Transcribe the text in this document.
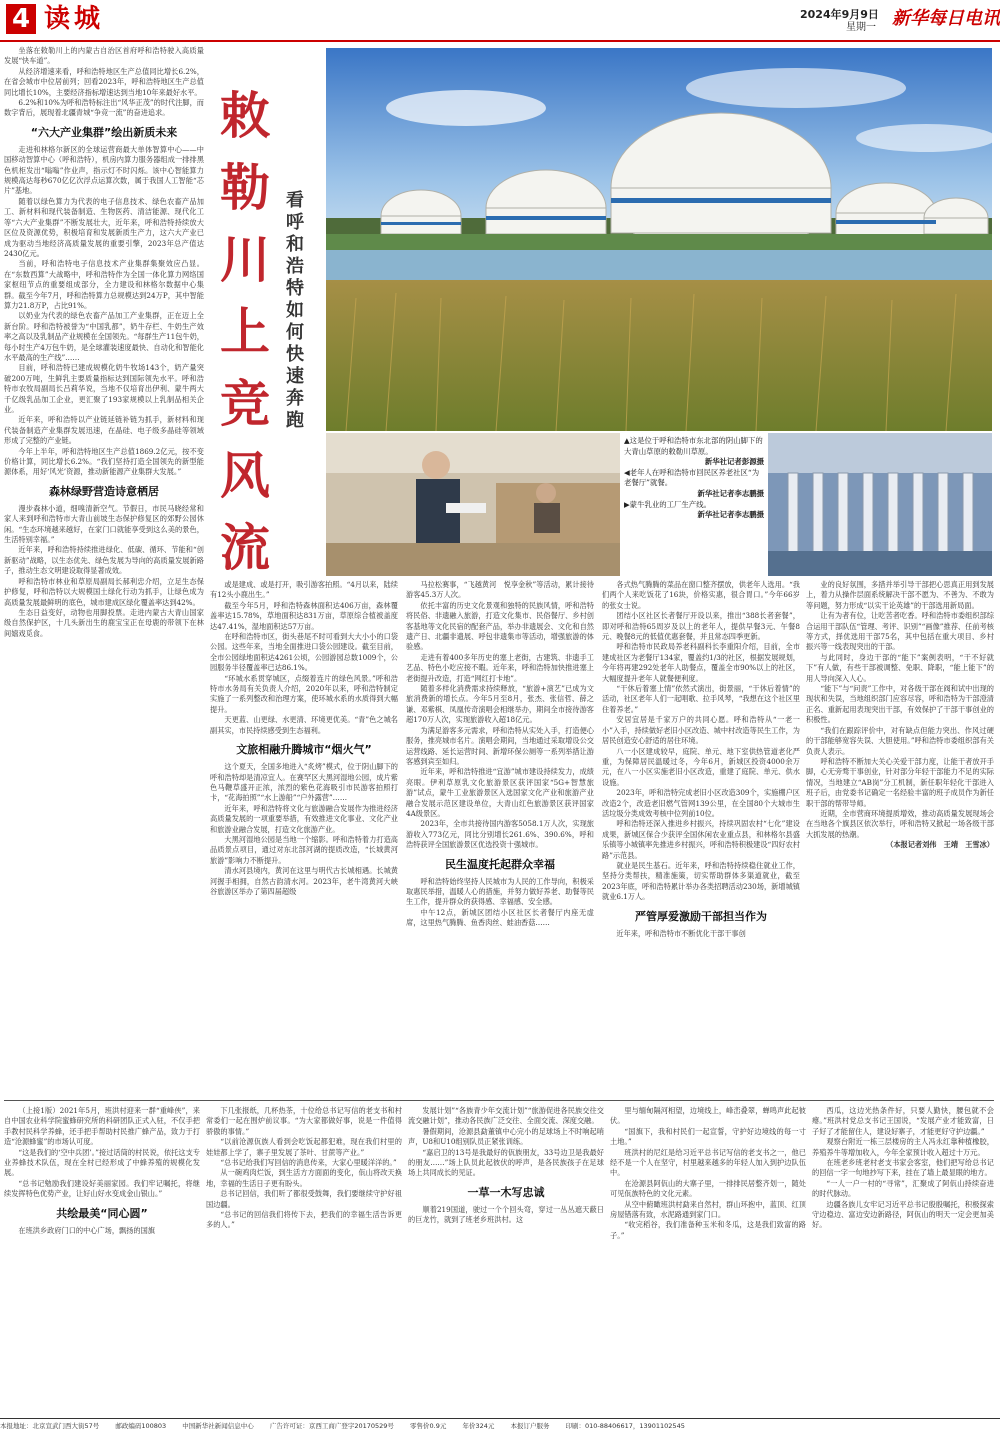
4 读城	2024年9月9日
星期一 新华每日电讯
敕勒川上竞风流
看呼和浩特如何快速奔跑
▲这是位于呼和浩特市东北部的阴山脚下的大青山草原的敕勒川草原。
新华社记者彭源摄
◀老年人在呼和浩特市回民区养老社区“为老餐厅”就餐。
新华社记者李志鹏摄
▶蒙牛乳业的工厂生产线。
新华社记者李志鹏摄

坐落在敕勒川上的内蒙古自治区首府呼和浩特驶入高质量发展“快车道”。

从经济增速来看，呼和浩特地区生产总值同比增长6.2%，在省会城市中位居前列；回看2023年，呼和浩特地区生产总值同比增长10%，主要经济指标增速达到当地10年来最好水平。

6.2%和10%为呼和浩特标注出“风华正茂”的时代注脚，而数字背后，展现着北疆青城“争竞一流”的奋进追求。

“六大产业集群”绘出新质未来

走进和林格尔新区的全球运营商最大单体智算中心——中国移动智算中心（呼和浩特），机房内算力服务器组成一排排黑色机柜发出“嗡嗡”作业声，指示灯不时闪烁。该中心智能算力规模高达每秒670亿亿次浮点运算次数，属于我国人工智能“芯片”基地。

随着以绿色算力为代表的电子信息技术、绿色农畜产品加工、新材料和现代装备制造、生物医药、清洁能源、现代化工等“六大产业集群”不断发展壮大，近年来，呼和浩特持续放大区位及资源优势，积极培育和发展新质生产力，这六大产业已成为驱动当地经济高质量发展的重要引擎，2023年总产值达2430亿元。

当前，呼和浩特电子信息技术产业集群集聚效应凸显。在“东数西算”大战略中，呼和浩特作为全国一体化算力网络国家枢纽节点的重要组成部分，全力建设和林格尔数据中心集群。截至今年7月，呼和浩特算力总规模达到24万P，其中智能算力21.8万P，占比91%。

以奶业为代表的绿色农畜产品加工产业集群，正在迈上全新台阶。呼和浩特被誉为“中国乳都”，奶牛存栏、牛奶生产效率之高以及乳制品产业规模在全国领先。“每群生产11包牛奶，每小时生产4万包牛奶，是全球灌装速度最快、自动化和智能化水平最高的生产线”……

目前，呼和浩特已建成规模化奶牛牧场143个，奶产量突破200万吨，生鲜乳主要质量指标达到国际领先水平。呼和浩特市农牧局副局长吕莉华说，当地不仅培育出伊利、蒙牛两大千亿级乳品加工企业，更汇聚了193家规模以上乳制品相关企业。

近年来，呼和浩特以产业链延链补链为抓手，新材料和现代装备制造产业集群发展迅速，在晶硅、电子级多晶硅等领域形成了完整的产业链。

今年上半年，呼和浩特地区生产总值1869.2亿元，按不变价格计算，同比增长6.2%。“我们坚持打造全国领先的新型能源体系，用好‘风光’资源，推动新能源产业集群大发展。”

森林绿野营造诗意栖居

漫步森林小道，细嗅清新空气。节假日，市民马晓经常和家人来到呼和浩特市大青山前坡生态保护修复区的郊野公园休闲。“生态环境越来越好，在家门口就能享受到这么美的景色，生活特别幸福。”

近年来，呼和浩特持续推进绿化、低碳、循环、节能和“创新驱动”战略，以生态优先、绿色发展为导向的高质量发展新路子，推动生态文明建设取得显著成效。

呼和浩特市林业和草原局副局长郝利忠介绍，立足生态保护修复，呼和浩特以大规模国土绿化行动为抓手，让绿色成为高质量发展最鲜明的底色，城市建成区绿化覆盖率达到42%。

生态日益变好，动物也用脚投票。走进内蒙古大青山国家级自然保护区，十几头新出生的鹿宝宝正在母鹿的带领下在林间嬉戏觅食。

或是建成、或是打开，吸引游客拍照。“4月以来，陆续有12头小鹿出生。”

截至今年5月，呼和浩特森林面积达406万亩，森林覆盖率达15.78%，草地面积达831万亩，草原综合植被盖度达47.41%，湿地面积达57万亩。

在呼和浩特市区，街头巷尾不时可看到大大小小的口袋公园。这些年来，当地全面推进口袋公园建设。截至目前，全市公园绿地面积达4261公顷，公园游园总数1009个，公园服务半径覆盖率已达86.1%。

“环城水系贯穿城区，点缀着连片的绿色风景。”呼和浩特市水务局有关负责人介绍，2020年以来，呼和浩特制定实施了一系列整改和治理方案，使环城水系的水质得到大幅提升。

天更蓝、山更绿、水更清、环境更优美。“青”色之城名副其实，市民持续感受到生态福利。

文旅相融升腾城市“烟火气”

这个夏天，全国多地进入“炙烤”模式，位于阴山脚下的呼和浩特却是清凉宜人。在赛罕区大黑河湿地公园，成片紫色马鞭草盛开正浓，浓烈的紫色花海吸引市民游客拍照打卡，“花海拍照”“水上游船”“户外露营”……

近年来，呼和浩特将文化与旅游融合发展作为推进经济高质量发展的一项重要举措，有效推进文化事业、文化产业和旅游业融合发展，打造文化旅游产业。

大黑河湿地公园是当地一个缩影。呼和浩特着力打造高品质景点项目，通过对东北部河湖的提质改造，“长城黄河旅游”影响力不断提升。

清水河县境内，黄河在这里与明代古长城相遇。长城黄河握手相拥，自然古韵清水河。2023年，老牛湾黄河大峡谷旅游区举办了第四届超级

马拉松赛事，“飞越黄河　悦享金秋”等活动，累计接待游客45.3万人次。

依托丰富的历史文化景观和独特的民族风情，呼和浩特将民俗、非遗融入旅游，打造文化集市、民俗餐厅、乡村创客基地等文化民宿的配套产品，举办非遗展会、文化和自然遗产日、北疆非遗展、呼包非遗集市等活动，增强旅游的体验感。

走进有着400多年历史的塞上老街，古建筑、非遗手工艺品、特色小吃应接不暇。近年来，呼和浩特加快推进塞上老街提升改造，打造“网红打卡地”。

随着多样化消费需求持续释放，“旅游+演艺”已成为文旅消费新的增长点。今年5月至8月，张杰、张信哲、薛之谦、邓紫棋、凤凰传奇演唱会相继举办，期间全市接待游客超170万人次，实现旅游收入超18亿元。

为满足游客多元需求，呼和浩特从实处入手，打造便心服务，推亮城市名片。演唱会期间，当地通过采取增设公交运营线路、延长运营时间、新增环保公厕等一系列举措让游客感到宾至如归。

近年来，呼和浩特推进“宜游”城市建设持续发力，成绩亮眼。伊利草原乳文化旅游景区获评国家“5G+智慧旅游”试点，蒙牛工业旅游景区入选国家文化产业和旅游产业融合发展示范区建设单位，大青山红色旅游景区获评国家4A级景区。

2023年，全市共接待国内游客5058.1万人次，实现旅游收入773亿元，同比分别增长261.6%、390.6%，呼和浩特获评全国旅游景区优选投资十强城市。

民生温度托起群众幸福

呼和浩特始终坚持人民城市为人民的工作导向，积极采取惠民举措，温暖人心的措施，并努力做好养老、助餐等民生工作，提升群众的获得感、幸福感、安全感。

中午12点，新城区团结小区社区长者餐厅内座无虚席，这里热气腾腾、鱼香肉丝、蛙油香菇……

各式热气腾腾的菜品在窗口整齐摆放，供老年人选用。“我们两个人来吃饭花了16块，价格实惠，很合胃口。”今年66岁的张女士说。

团结小区社区长者餐厅开设以来，推出“388长者套餐”，即对呼和浩特65周岁及以上的老年人，提供早餐3元、午餐8元、晚餐8元的低值优惠套餐，并且常态四季更新。

呼和浩特市民政局养老科副科长李重阳介绍，目前，全市建成社区为老餐厅134家，覆盖约1/3的社区，根据发展规划，今年将再建292处老年人助餐点，覆盖全市90%以上的社区，大幅度提升老年人就餐便利度。

“干休后着塞上情”依然式演出，街景丽，“干休后着情”的活动，社区老年人们一起唱歌、拉手风琴，“我想在这个社区里住着养老。”

安居宜居是千家万户的共同心愿。呼和浩特从“一老一小”入手，持续做好老旧小区改造、城中村改造等民生工作，为居民创造安心舒适的居住环境。

八一小区建成较早，庭院、单元、地下室供热管道老化严重，为保障居民温暖过冬，今年6月，新城区投资4000余万元，在八一小区实施老旧小区改造，重建了庭院、单元、供水设施。

2023年，呼和浩特完成老旧小区改造309个，实施棚户区改造2个，改造老旧燃气管网139公里，在全国80个大城市生活垃圾分类成效考核中位列前10位。

呼和浩特还深入推进乡村振兴，持续巩固农村“七化”建设成果，新城区保合少获评全国休闲农业重点县，和林格尔县盛乐镇等小城镇率先推进乡村振兴，呼和浩特积极建设“四好农村路”示范县。

就业是民生基石。近年来，呼和浩特持续稳住就业工作，坚持分类帮扶，精准施策，切实帮助群体多渠道就业，截至2023年底，呼和浩特累计举办各类招聘活动230场，新增城镇就业6.1万人。

严管厚爱激励干部担当作为

近年来，呼和浩特市不断优化干部干事创

业的良好氛围，多措并举引导干部把心思真正用到发展上，着力从操作层面系统解决干部不愿为、不善为、不敢为等问题，努力形成“以实干论英雄”的干部选用新局面。

让有为者有位，让吃苦者吃香。呼和浩特市委组织部综合运用干部队伍“管理、考评、识别”“画像”推荐、任前考核等方式，择优选用干部75名，其中包括在重大项目、乡村振兴等一线表现突出的干部。

与此同时，身边干部的“能下”案例表明，“干不好就下”有人做，有些干部被调整、免职、降职，“能上能下”的用人导向深入人心。

“能下”与“问责”工作中，对各级干部在阀和试中出现的现状和失误，当地组织部门应容尽容，呼和浩特为干部澄清正名、重新起用表现突出干部，有效保护了干部干事创业的积极性。

“我们在跟踪评价中，对有缺点但能力突出、作风过硬的干部能够宽容失误、大胆使用。”呼和浩特市委组织部有关负责人表示。

呼和浩特不断加大关心关爱干部力度，让能干者放开手脚，心无旁骛干事创业，针对部分年轻干部能力不足的实际情况，当地建立“AB岗”分工机制，新任职年轻化干部进入班子后，由党委书记确定一名经验丰富的班子成员作为新任职干部的帮带导师。

近期，全市营商环境提质增效，推动高质量发展现场会在当地各个旗县区依次举行，呼和浩特又掀起一场各级干部大抓发展的热潮。

（本报记者刘伟　王靖　王雪冰）

（上接1版）2021年5月，班洪村迎来一群“重峰侠”，来自中国农业科学院蜜蜂研究所的科研团队正式入驻，不仅手把手教村民科学养蜂，还手把手帮助村民推广蜂产品，致力于打造“沧源蜂蜜”的市场认可度。

“这是我们的‘空中兵团’。”接过话筒的村民说，依托这支专业养蜂技术队伍，现在全村已经形成了中蜂养殖的规模化发展。

“总书记勉励我们建设好美丽家园。我们牢记嘱托，将继续发挥特色优势产业，让好山好水变成金山银山。”

共绘最美“同心圆”

在班洪乡政府门口的中心广场，飘扬的国旗

下几张报纸，几杯热茶，十位给总书记写信的老支书和村常委们一起在围炉前议事。“为大家都做好事，说是一件值得骄傲的事情。”

“以前沧源佤族人看到会吃饭起都犯难，现在我们村里的娃娃都上学了，寨子里发展了茶叶、甘蔗等产业。”

“总书记给我们写回信的消息传来，大家心里暖洋洋的。”

从一碗鸡肉烂饭，到生活方方面面的变化，佤山将改天换地，幸福的生活日子更有盼头。

总书记回信，我们听了都很受鼓舞，我们要继续守护好祖国边疆。

“总书记的回信我们将传下去，把我们的幸福生活告诉更多的人。”

发展计划”“各族青少年交流计划”“旅游促进各民族交往交流交融计划”，推动各民族广泛交往、全面交流、深度交融。

暑假期间，沧源县勐董镇中心完小的足球场上不时响起哨声，U8和U10组别队员正紧张训练。

“嘉启卫的13号是我最好的佤族朋友，33号边卫是我最好的朋友……”场上队员此起彼伏的呼声，是各民族孩子在足球场上共同成长的见证。

一草一木写忠诚

顺着219国道，驶过一个个回头弯，穿过一丛丛遮天蔽日的巨龙竹，就到了班老乡班洪村。这

里与缅甸隔河相望，边境线上，峰峦叠翠，蝉鸣声此起彼伏。

“国旗下，我和村民们一起宣誓，守护好边境线的每一寸土地。”

班洪村的尼红是给习近平总书记写信的老支书之一，他已经不是一个人在坚守，村里越来越多的年轻人加入到护边队伍中。

在沧源县阿佤山的大寨子里，一排排民居整齐划一，随处可见佤族特色的文化元素。

从空中俯瞰班洪村勐来自然村，群山环抱中，蓝顶、红顶房屋错落有致，水泥路通到家门口。

“收完稻谷，我们准备种玉米和冬瓜，这是我们致富的路子。”

西瓜，这边光热条件好，只要人勤快，腰包就不会瘪。”班洪村党总支书记王国说，“发展产业才能致富，日子好了才能留住人，建设好寨子，才能更好守护边疆。”

观察台附近一栋三层楼房的主人冯永红靠种植橡胶，养殖养牛等增加收入，今年全家预计收入超过十万元。

在班老乡班老村老支书家会客室，他们把写给总书记的回信一字一句地抄写下来，挂在了墙上最显眼的地方。

“一人一户一村的“寻常”，汇聚成了阿佤山持续奋进的时代脉动。

边疆各族儿女牢记习近平总书记殷殷嘱托，积极探索守边稳边、富边安边新路径，阿佤山的明天一定会更加美好。

本报地址：北京宣武门西大街57号 邮政编码100803 中国新华社新闻信息中心 广告许可证：京西工商广登字20170529号 零售价0.9元 年价324元 本报订户服务 印刷：010-88406617，13901102545
